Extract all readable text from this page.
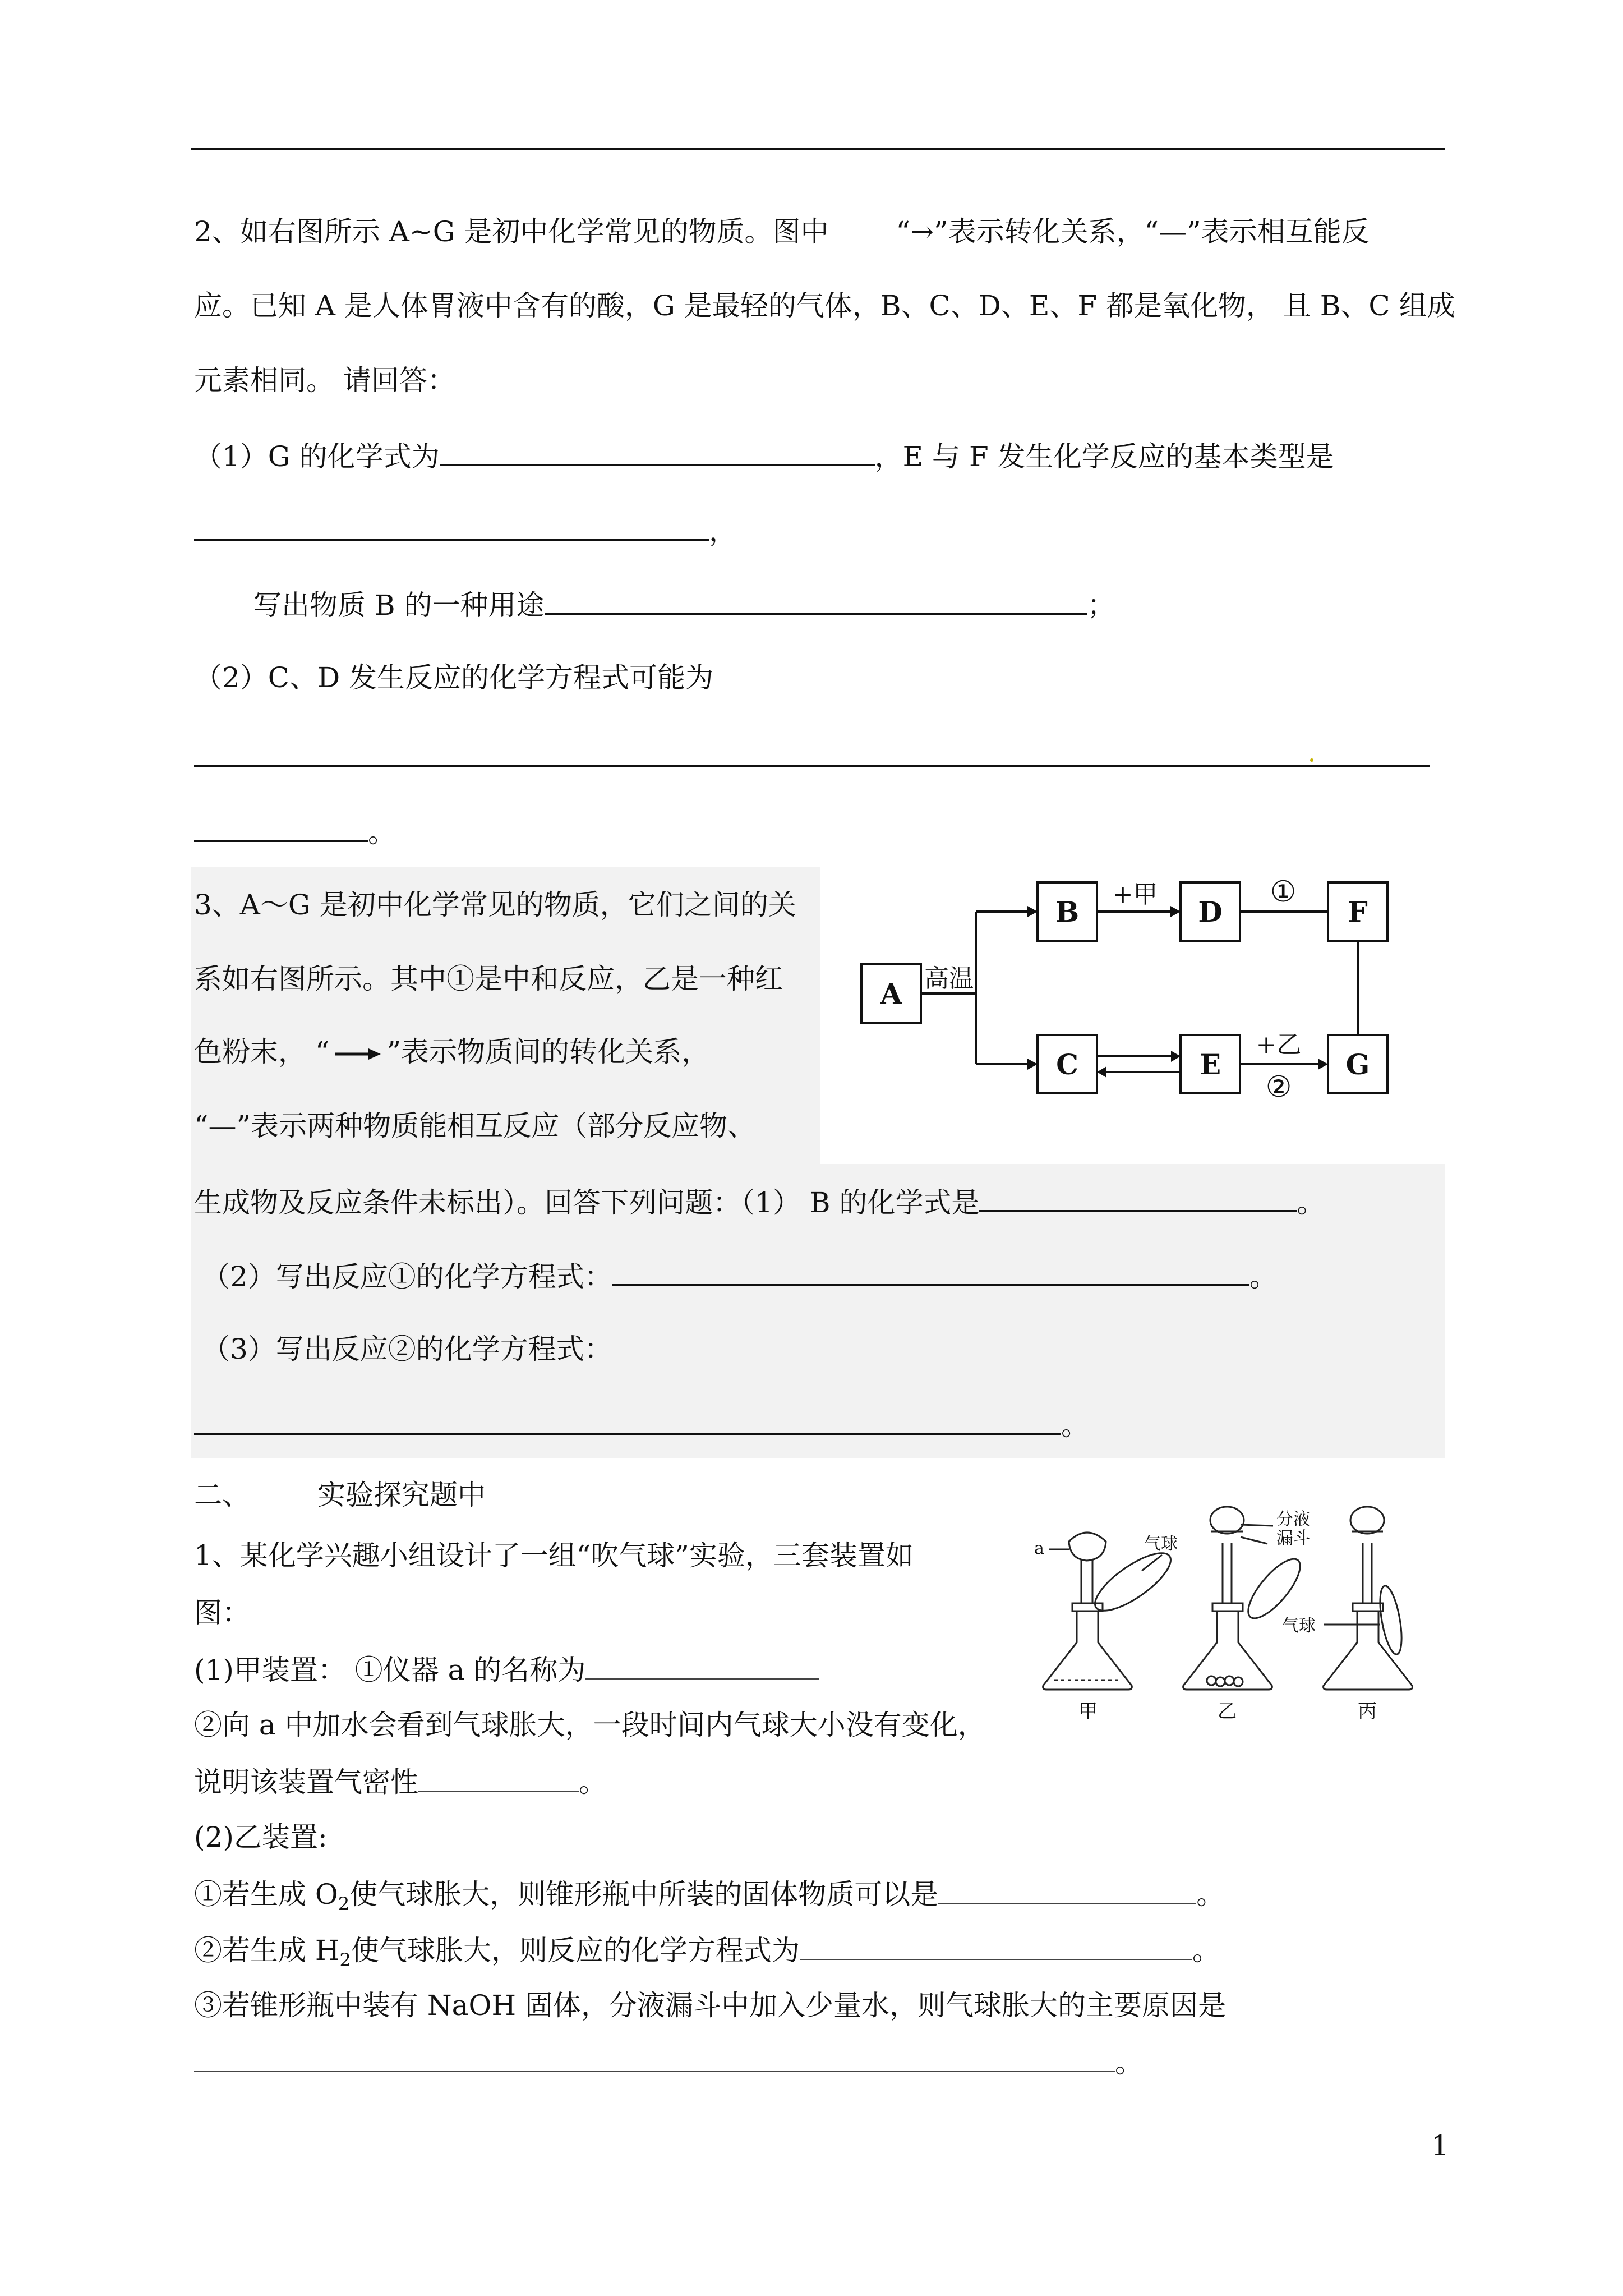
2、如右图所示 A~G 是初中化学常见的物质。图中 “→”表示转化关系，“—”表示相互能反
应。已知 A 是人体胃液中含有的酸，G 是最轻的气体，B、C、D、E、F 都是氧化物， 且 B、C 组成
元素相同。 请回答：
（1）G 的化学式为	，E 与 F 发生化学反应的基本类型是
，
写出物质 B 的一种用途	；
（2）C、D 发生反应的化学方程式可能为
。
3、A～G 是初中化学常见的物质，它们之间的关
系如右图所示。其中①是中和反应，乙是一种红
色粉末， “ ”表示物质间的转化关系，
“—”表示两种物质能相互反应（部分反应物、
生成物及反应条件未标出）。回答下列问题：（1） B 的化学式是	。
（2）写出反应①的化学方程式：	。
（3）写出反应②的化学方程式：
。
A
B
C
D
E
F
G
高温
+甲	①
+乙
②
二、 实验探究题中
1、某化学兴趣小组设计了一组“吹气球”实验，三套装置如
图：
(1)甲装置： ①仪器 a 的名称为
②向 a 中加水会看到气球胀大，一段时间内气球大小没有变化，
说明该装置气密性	。
(2)乙装置:
①若生成 $O_2$使气球胀大，则锥形瓶中所装的固体物质可以是	。
②若生成 $H_2$使气球胀大，则反应的化学方程式为	。
③若锥形瓶中装有 NaOH 固体，分液漏斗中加入少量水，则气球胀大的主要原因是
。
a	气球
分液
漏斗
气球
甲	乙	丙
1
